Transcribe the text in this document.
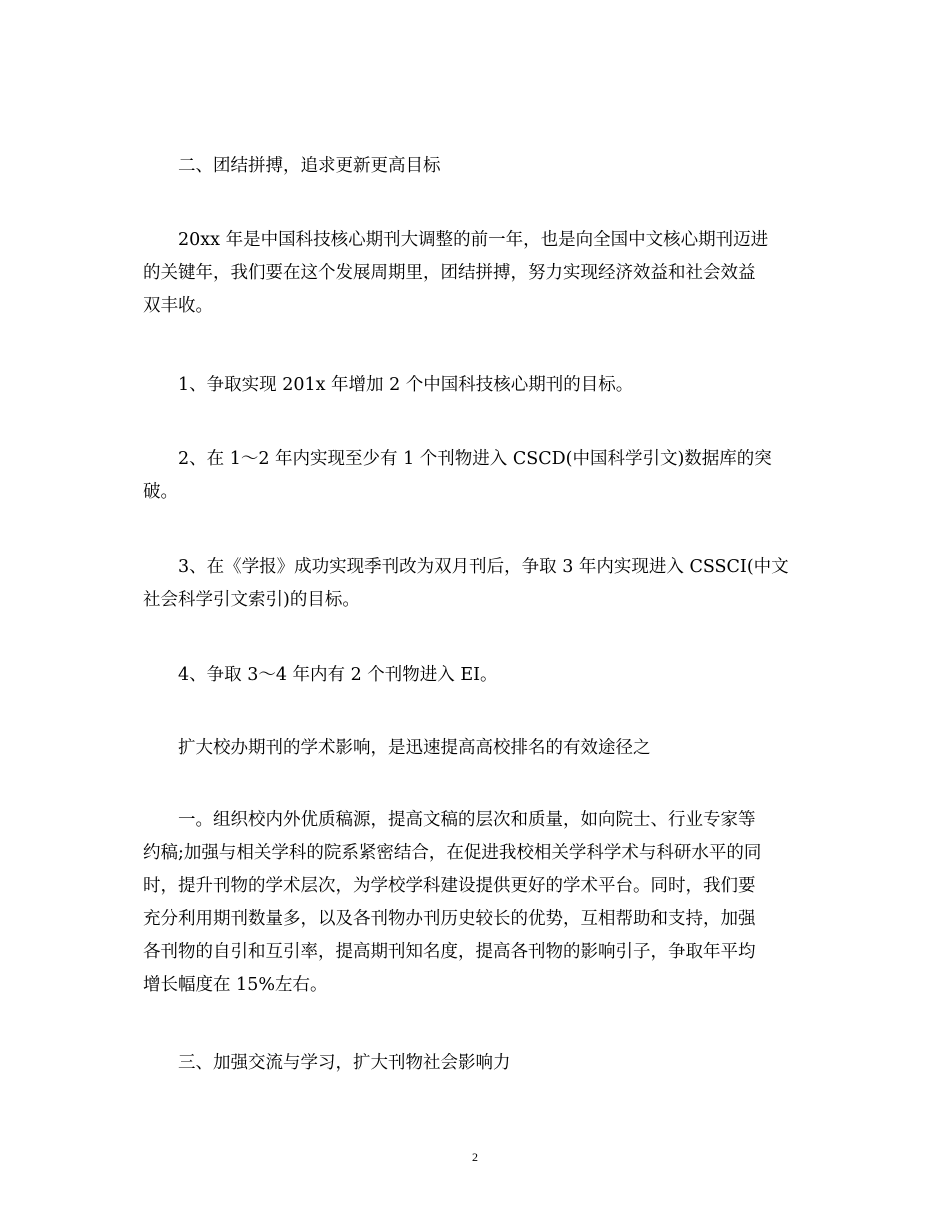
二、团结拼搏，追求更新更高目标

20xx 年是中国科技核心期刊大调整的前一年，也是向全国中文核心期刊迈进
的关键年，我们要在这个发展周期里，团结拼搏，努力实现经济效益和社会效益
双丰收。

1、争取实现 201x 年增加 2 个中国科技核心期刊的目标。

2、在 1～2 年内实现至少有 1 个刊物进入 CSCD(中国科学引文)数据库的突
破。

3、在《学报》成功实现季刊改为双月刊后，争取 3 年内实现进入 CSSCI(中文
社会科学引文索引)的目标。

4、争取 3～4 年内有 2 个刊物进入 EI。

扩大校办期刊的学术影响，是迅速提高高校排名的有效途径之

一。组织校内外优质稿源，提高文稿的层次和质量，如向院士、行业专家等
约稿;加强与相关学科的院系紧密结合，在促进我校相关学科学术与科研水平的同
时，提升刊物的学术层次，为学校学科建设提供更好的学术平台。同时，我们要
充分利用期刊数量多，以及各刊物办刊历史较长的优势，互相帮助和支持，加强
各刊物的自引和互引率，提高期刊知名度，提高各刊物的影响引子，争取年平均
增长幅度在 15%左右。

三、加强交流与学习，扩大刊物社会影响力

2
